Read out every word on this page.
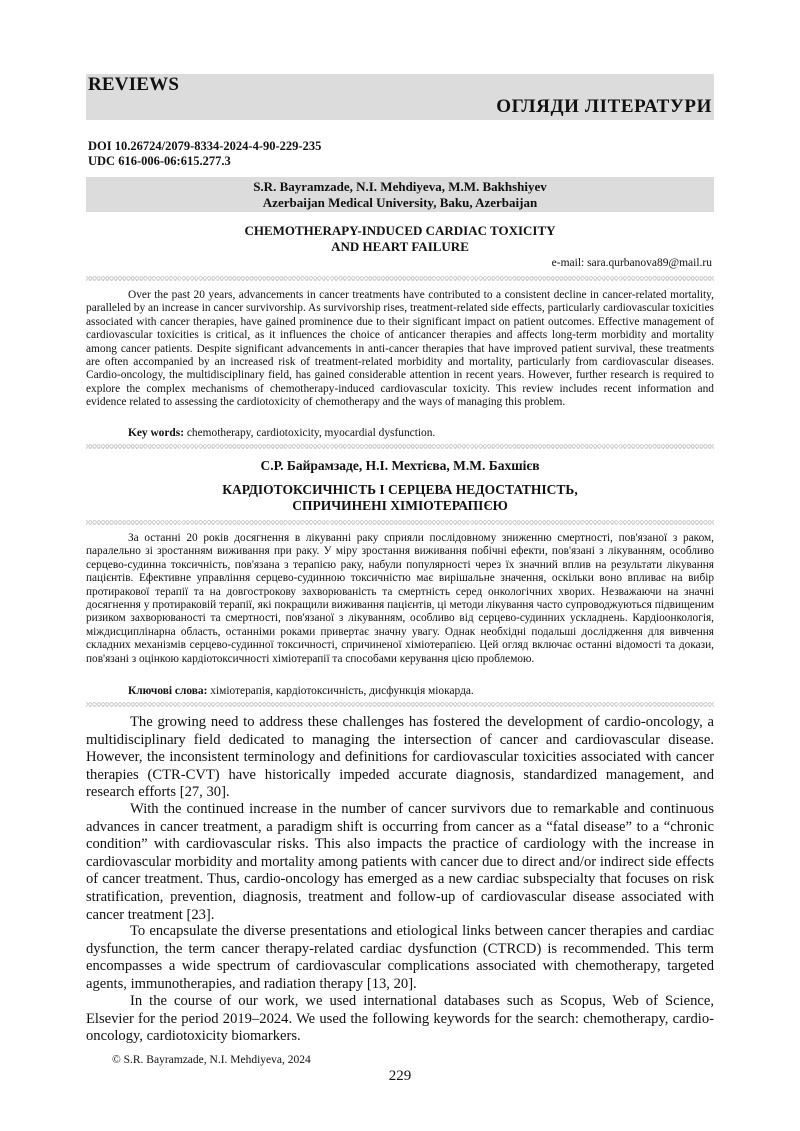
REVIEWS
ОГЛЯДИ ЛІТЕРАТУРИ
DOI 10.26724/2079-8334-2024-4-90-229-235
UDC 616-006-06:615.277.3
S.R. Bayramzade, N.I. Mehdiyeva, M.M. Bakhshiyev
Azerbaijan Medical University, Baku, Azerbaijan
CHEMOTHERAPY-INDUCED CARDIAC TOXICITY
AND HEART FAILURE
e-mail: sara.qurbanova89@mail.ru

Over the past 20 years, advancements in cancer treatments have contributed to a consistent decline in cancer-related mortality, paralleled by an increase in cancer survivorship. As survivorship rises, treatment-related side effects, particularly cardiovascular toxicities associated with cancer therapies, have gained prominence due to their significant impact on patient outcomes. Effective management of cardiovascular toxicities is critical, as it influences the choice of anticancer therapies and affects long-term morbidity and mortality among cancer patients. Despite significant advancements in anti-cancer therapies that have improved patient survival, these treatments are often accompanied by an increased risk of treatment-related morbidity and mortality, particularly from cardiovascular diseases. Cardio-oncology, the multidisciplinary field, has gained considerable attention in recent years. However, further research is required to explore the complex mechanisms of chemotherapy-induced cardiovascular toxicity. This review includes recent information and evidence related to assessing the cardiotoxicity of chemotherapy and the ways of managing this problem.

Key words: chemotherapy, cardiotoxicity, myocardial dysfunction.
С.Р. Байрамзаде, Н.І. Мехтієва, М.М. Бахшієв
КАРДІОТОКСИЧНІСТЬ І СЕРЦЕВА НЕДОСТАТНІСТЬ,
СПРИЧИНЕНІ ХІМІОТЕРАПІЄЮ

За останні 20 років досягнення в лікуванні раку сприяли послідовному зниженню смертності, пов'язаної з раком, паралельно зі зростанням виживання при раку. У міру зростання виживання побічні ефекти, пов'язані з лікуванням, особливо серцево-судинна токсичність, пов'язана з терапією раку, набули популярності через їх значний вплив на результати лікування пацієнтів. Ефективне управління серцево-судинною токсичністю має вирішальне значення, оскільки воно впливає на вибір протиракової терапії та на довгострокову захворюваність та смертність серед онкологічних хворих. Незважаючи на значні досягнення у протираковій терапії, які покращили виживання пацієнтів, ці методи лікування часто супроводжуються підвищеним ризиком захворюваності та смертності, пов'язаної з лікуванням, особливо від серцево-судинних ускладнень. Кардіоонкологія, міждисциплінарна область, останніми роками привертає значну увагу. Однак необхідні подальші дослідження для вивчення складних механізмів серцево-судинної токсичності, спричиненої хіміотерапією. Цей огляд включає останні відомості та докази, пов'язані з оцінкою кардіотоксичності хіміотерапії та способами керування цією проблемою.

Ключові слова: хіміотерапія, кардіотоксичність, дисфункція міокарда.

The growing need to address these challenges has fostered the development of cardio-oncology, a multidisciplinary field dedicated to managing the intersection of cancer and cardiovascular disease. However, the inconsistent terminology and definitions for cardiovascular toxicities associated with cancer therapies (CTR-CVT) have historically impeded accurate diagnosis, standardized management, and research efforts [27, 30].

With the continued increase in the number of cancer survivors due to remarkable and continuous advances in cancer treatment, a paradigm shift is occurring from cancer as a “fatal disease” to a “chronic condition” with cardiovascular risks. This also impacts the practice of cardiology with the increase in cardiovascular morbidity and mortality among patients with cancer due to direct and/or indirect side effects of cancer treatment. Thus, cardio-oncology has emerged as a new cardiac subspecialty that focuses on risk stratification, prevention, diagnosis, treatment and follow-up of cardiovascular disease associated with cancer treatment [23].

To encapsulate the diverse presentations and etiological links between cancer therapies and cardiac dysfunction, the term cancer therapy-related cardiac dysfunction (CTRCD) is recommended. This term encompasses a wide spectrum of cardiovascular complications associated with chemotherapy, targeted agents, immunotherapies, and radiation therapy [13, 20].

In the course of our work, we used international databases such as Scopus, Web of Science, Elsevier for the period 2019–2024. We used the following keywords for the search: chemotherapy, cardio-oncology, cardiotoxicity biomarkers.

© S.R. Bayramzade, N.I. Mehdiyeva, 2024
229
